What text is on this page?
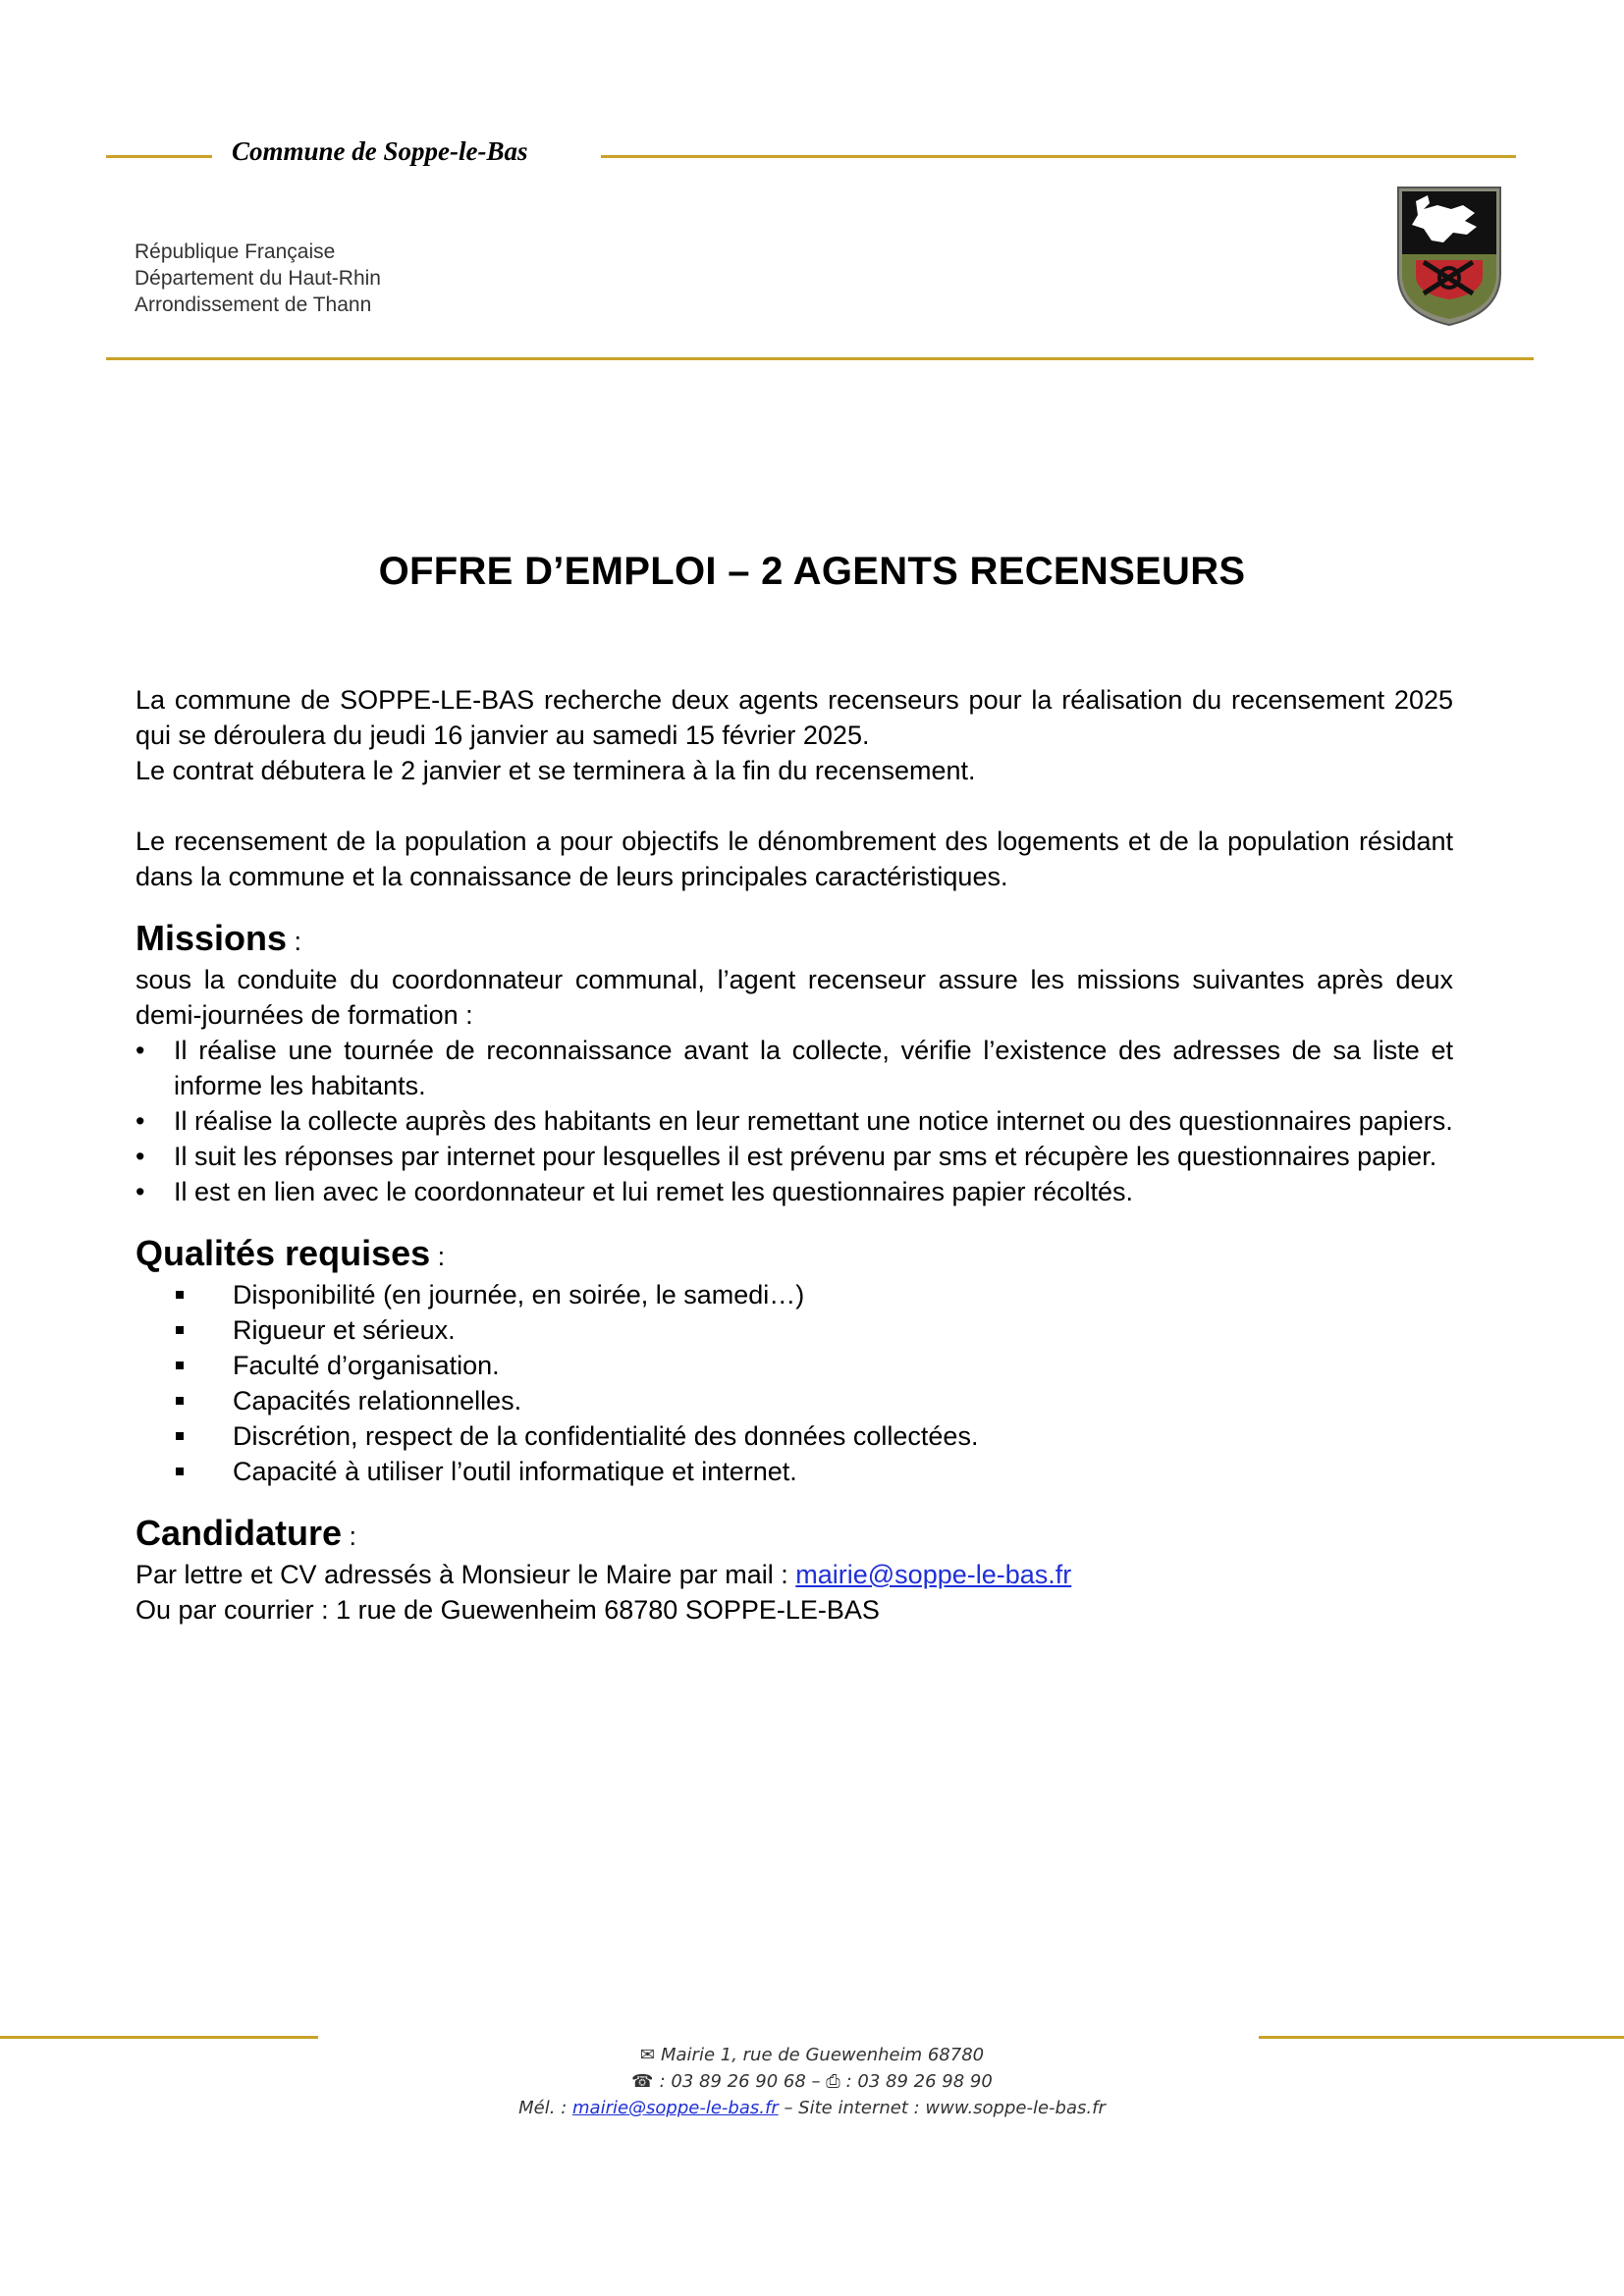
Commune de Soppe-le-Bas
République Française
Département du Haut-Rhin
Arrondissement de Thann
OFFRE D’EMPLOI – 2 AGENTS RECENSEURS

La commune de SOPPE-LE-BAS recherche deux agents recenseurs pour la réalisation du recensement 2025 qui se déroulera du jeudi 16 janvier au samedi 15 février 2025.

Le contrat débutera le 2 janvier et se terminera à la fin du recensement.

Le recensement de la population a pour objectifs le dénombrement des logements et de la population résidant dans la commune et la connaissance de leurs principales caractéristiques.

Missions :

sous la conduite du coordonnateur communal, l’agent recenseur assure les missions suivantes après deux demi-journées de formation :

• Il réalise une tournée de reconnaissance avant la collecte, vérifie l’existence des adresses de sa liste et informe les habitants.
• Il réalise la collecte auprès des habitants en leur remettant une notice internet ou des questionnaires papiers.
• Il suit les réponses par internet pour lesquelles il est prévenu par sms et récupère les questionnaires papier.
• Il est en lien avec le coordonnateur et lui remet les questionnaires papier récoltés.
Qualités requises :
Disponibilité (en journée, en soirée, le samedi…)
Rigueur et sérieux.
Faculté d’organisation.
Capacités relationnelles.
Discrétion, respect de la confidentialité des données collectées.
Capacité à utiliser l’outil informatique et internet.
Candidature :

Par lettre et CV adressés à Monsieur le Maire par mail : mairie@soppe-le-bas.fr

Ou par courrier : 1 rue de Guewenheim 68780 SOPPE-LE-BAS

✉ Mairie 1, rue de Guewenheim 68780
☎ : 03 89 26 90 68 – ⎙ : 03 89 26 98 90
Mél. : mairie@soppe-le-bas.fr – Site internet : www.soppe-le-bas.fr
